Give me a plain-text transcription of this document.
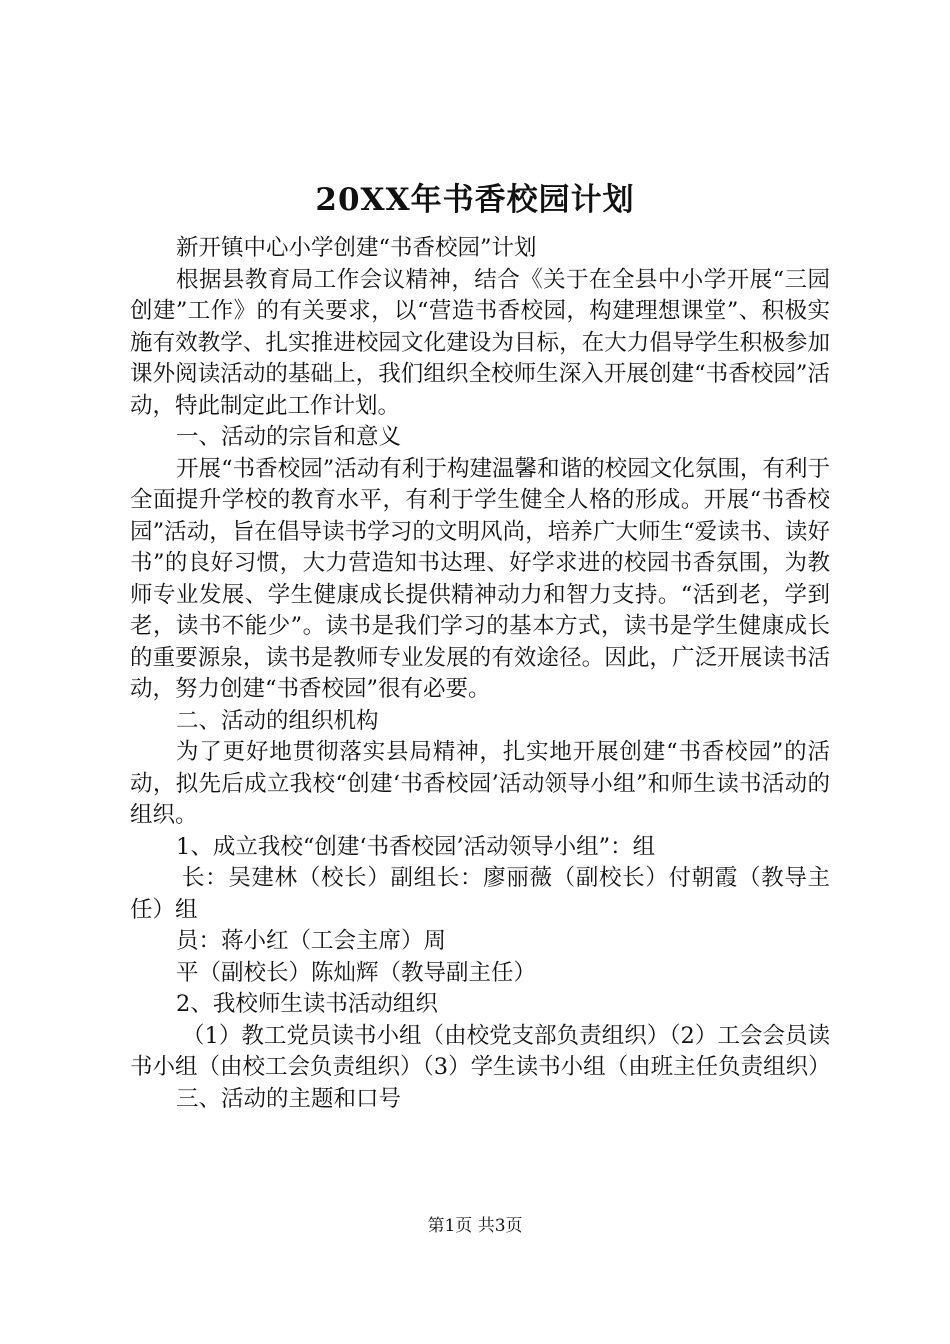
20XX年书香校园计划

新开镇中心小学创建“书香校园”计划

根据县教育局工作会议精神，结合《关于在全县中小学开展“三园创建”工作》的有关要求，以“营造书香校园，构建理想课堂”、积极实施有效教学、扎实推进校园文化建设为目标，在大力倡导学生积极参加课外阅读活动的基础上，我们组织全校师生深入开展创建“书香校园”活动，特此制定此工作计划。

一、活动的宗旨和意义

开展“书香校园”活动有利于构建温馨和谐的校园文化氛围，有利于全面提升学校的教育水平，有利于学生健全人格的形成。开展“书香校园”活动，旨在倡导读书学习的文明风尚，培养广大师生“爱读书、读好书”的良好习惯，大力营造知书达理、好学求进的校园书香氛围，为教师专业发展、学生健康成长提供精神动力和智力支持。“活到老，学到老，读书不能少”。读书是我们学习的基本方式，读书是学生健康成长的重要源泉，读书是教师专业发展的有效途径。因此，广泛开展读书活动，努力创建“书香校园”很有必要。

二、活动的组织机构

为了更好地贯彻落实县局精神，扎实地开展创建“书香校园”的活动，拟先后成立我校“创建‘书香校园’活动领导小组”和师生读书活动的组织。

1、成立我校“创建‘书香校园’活动领导小组”：组

长：吴建林（校长）副组长：廖丽薇（副校长）付朝霞（教导主任）组

员：蒋小红（工会主席）周

平（副校长）陈灿辉（教导副主任）

2、我校师生读书活动组织

（1）教工党员读书小组（由校党支部负责组织）（2）工会会员读书小组（由校工会负责组织）（3）学生读书小组（由班主任负责组织）

三、活动的主题和口号

第1页 共3页
